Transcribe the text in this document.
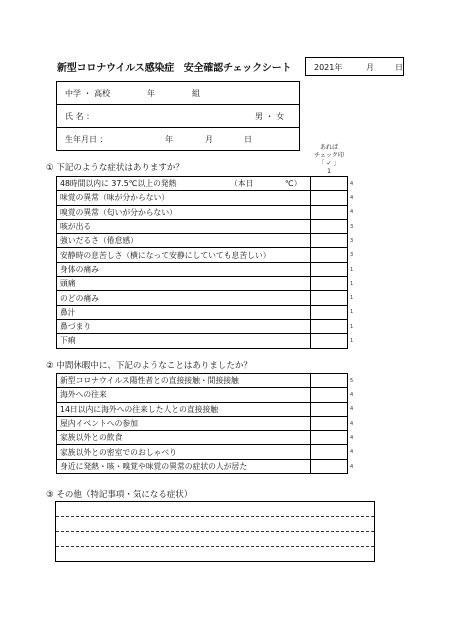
新型コロナウイルス感染症　安全確認チェックシート	2021年	月	日
中学 ・ 高校	年	組
氏 名 ：	男 ・ 女
生年月日 ：	年	月	日
あれば
チェック印
「 ✓ 」
1
① 下記のような症状はありますか？
48時間以内に 37.5℃以上の発熱 （本日 ℃）		4
味覚の異常（味が分からない）		4
嗅覚の異常（匂いが分からない）		4
咳が出る		3
強いだるさ（倦怠感）		3
安静時の息苦しさ（横になって安静にしていても息苦しい）		3
身体の痛み		1
頭痛		1
のどの痛み		1
鼻汁		1
鼻づまり		1
下痢		1
② 中間休暇中に、下記のようなことはありましたか？
新型コロナウイルス陽性者との直接接触・間接接触		5
海外への往来		4
14日以内に海外への往来した人との直接接触		4
屋内イベントへの参加		4
家族以外との飲食		4
家族以外との密室でのおしゃべり		4
身近に発熱・咳・嗅覚や味覚の異常の症状の人が居た		4
③ その他（特記事項・気になる症状）
